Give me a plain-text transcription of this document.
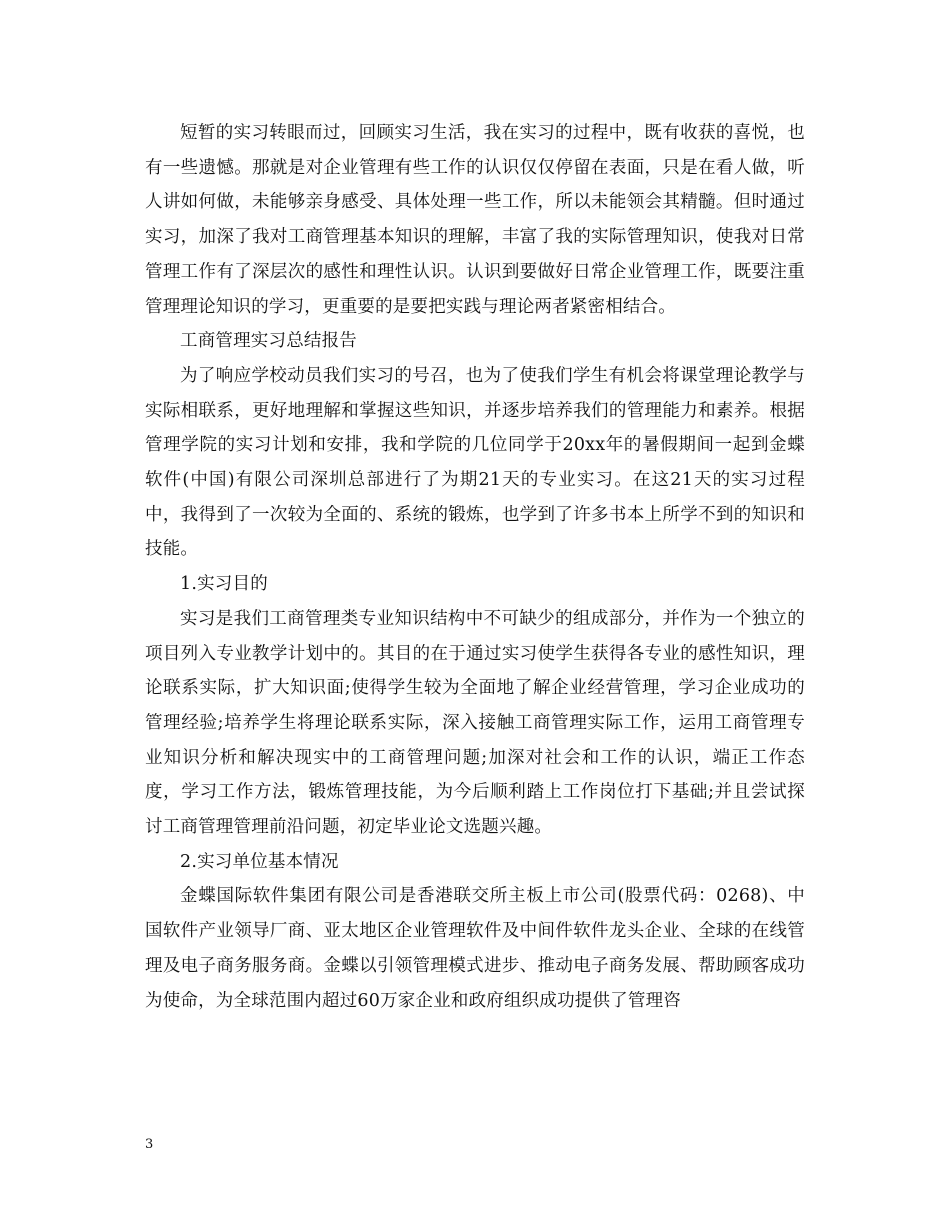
短暂的实习转眼而过，回顾实习生活，我在实习的过程中，既有收获的喜悦，也有一些遗憾。那就是对企业管理有些工作的认识仅仅停留在表面，只是在看人做，听人讲如何做，未能够亲身感受、具体处理一些工作，所以未能领会其精髓。但时通过实习，加深了我对工商管理基本知识的理解，丰富了我的实际管理知识，使我对日常管理工作有了深层次的感性和理性认识。认识到要做好日常企业管理工作，既要注重管理理论知识的学习，更重要的是要把实践与理论两者紧密相结合。

工商管理实习总结报告

为了响应学校动员我们实习的号召，也为了使我们学生有机会将课堂理论教学与实际相联系，更好地理解和掌握这些知识，并逐步培养我们的管理能力和素养。根据管理学院的实习计划和安排，我和学院的几位同学于20xx年的暑假期间一起到金蝶软件(中国)有限公司深圳总部进行了为期21天的专业实习。在这21天的实习过程中，我得到了一次较为全面的、系统的锻炼，也学到了许多书本上所学不到的知识和技能。

1.实习目的

实习是我们工商管理类专业知识结构中不可缺少的组成部分，并作为一个独立的项目列入专业教学计划中的。其目的在于通过实习使学生获得各专业的感性知识，理论联系实际，扩大知识面;使得学生较为全面地了解企业经营管理，学习企业成功的管理经验;培养学生将理论联系实际，深入接触工商管理实际工作，运用工商管理专业知识分析和解决现实中的工商管理问题;加深对社会和工作的认识，端正工作态度，学习工作方法，锻炼管理技能，为今后顺利踏上工作岗位打下基础;并且尝试探讨工商管理管理前沿问题，初定毕业论文选题兴趣。

2.实习单位基本情况

金蝶国际软件集团有限公司是香港联交所主板上市公司(股票代码：0268)、中国软件产业领导厂商、亚太地区企业管理软件及中间件软件龙头企业、全球的在线管理及电子商务服务商。金蝶以引领管理模式进步、推动电子商务发展、帮助顾客成功为使命，为全球范围内超过60万家企业和政府组织成功提供了管理咨

3
